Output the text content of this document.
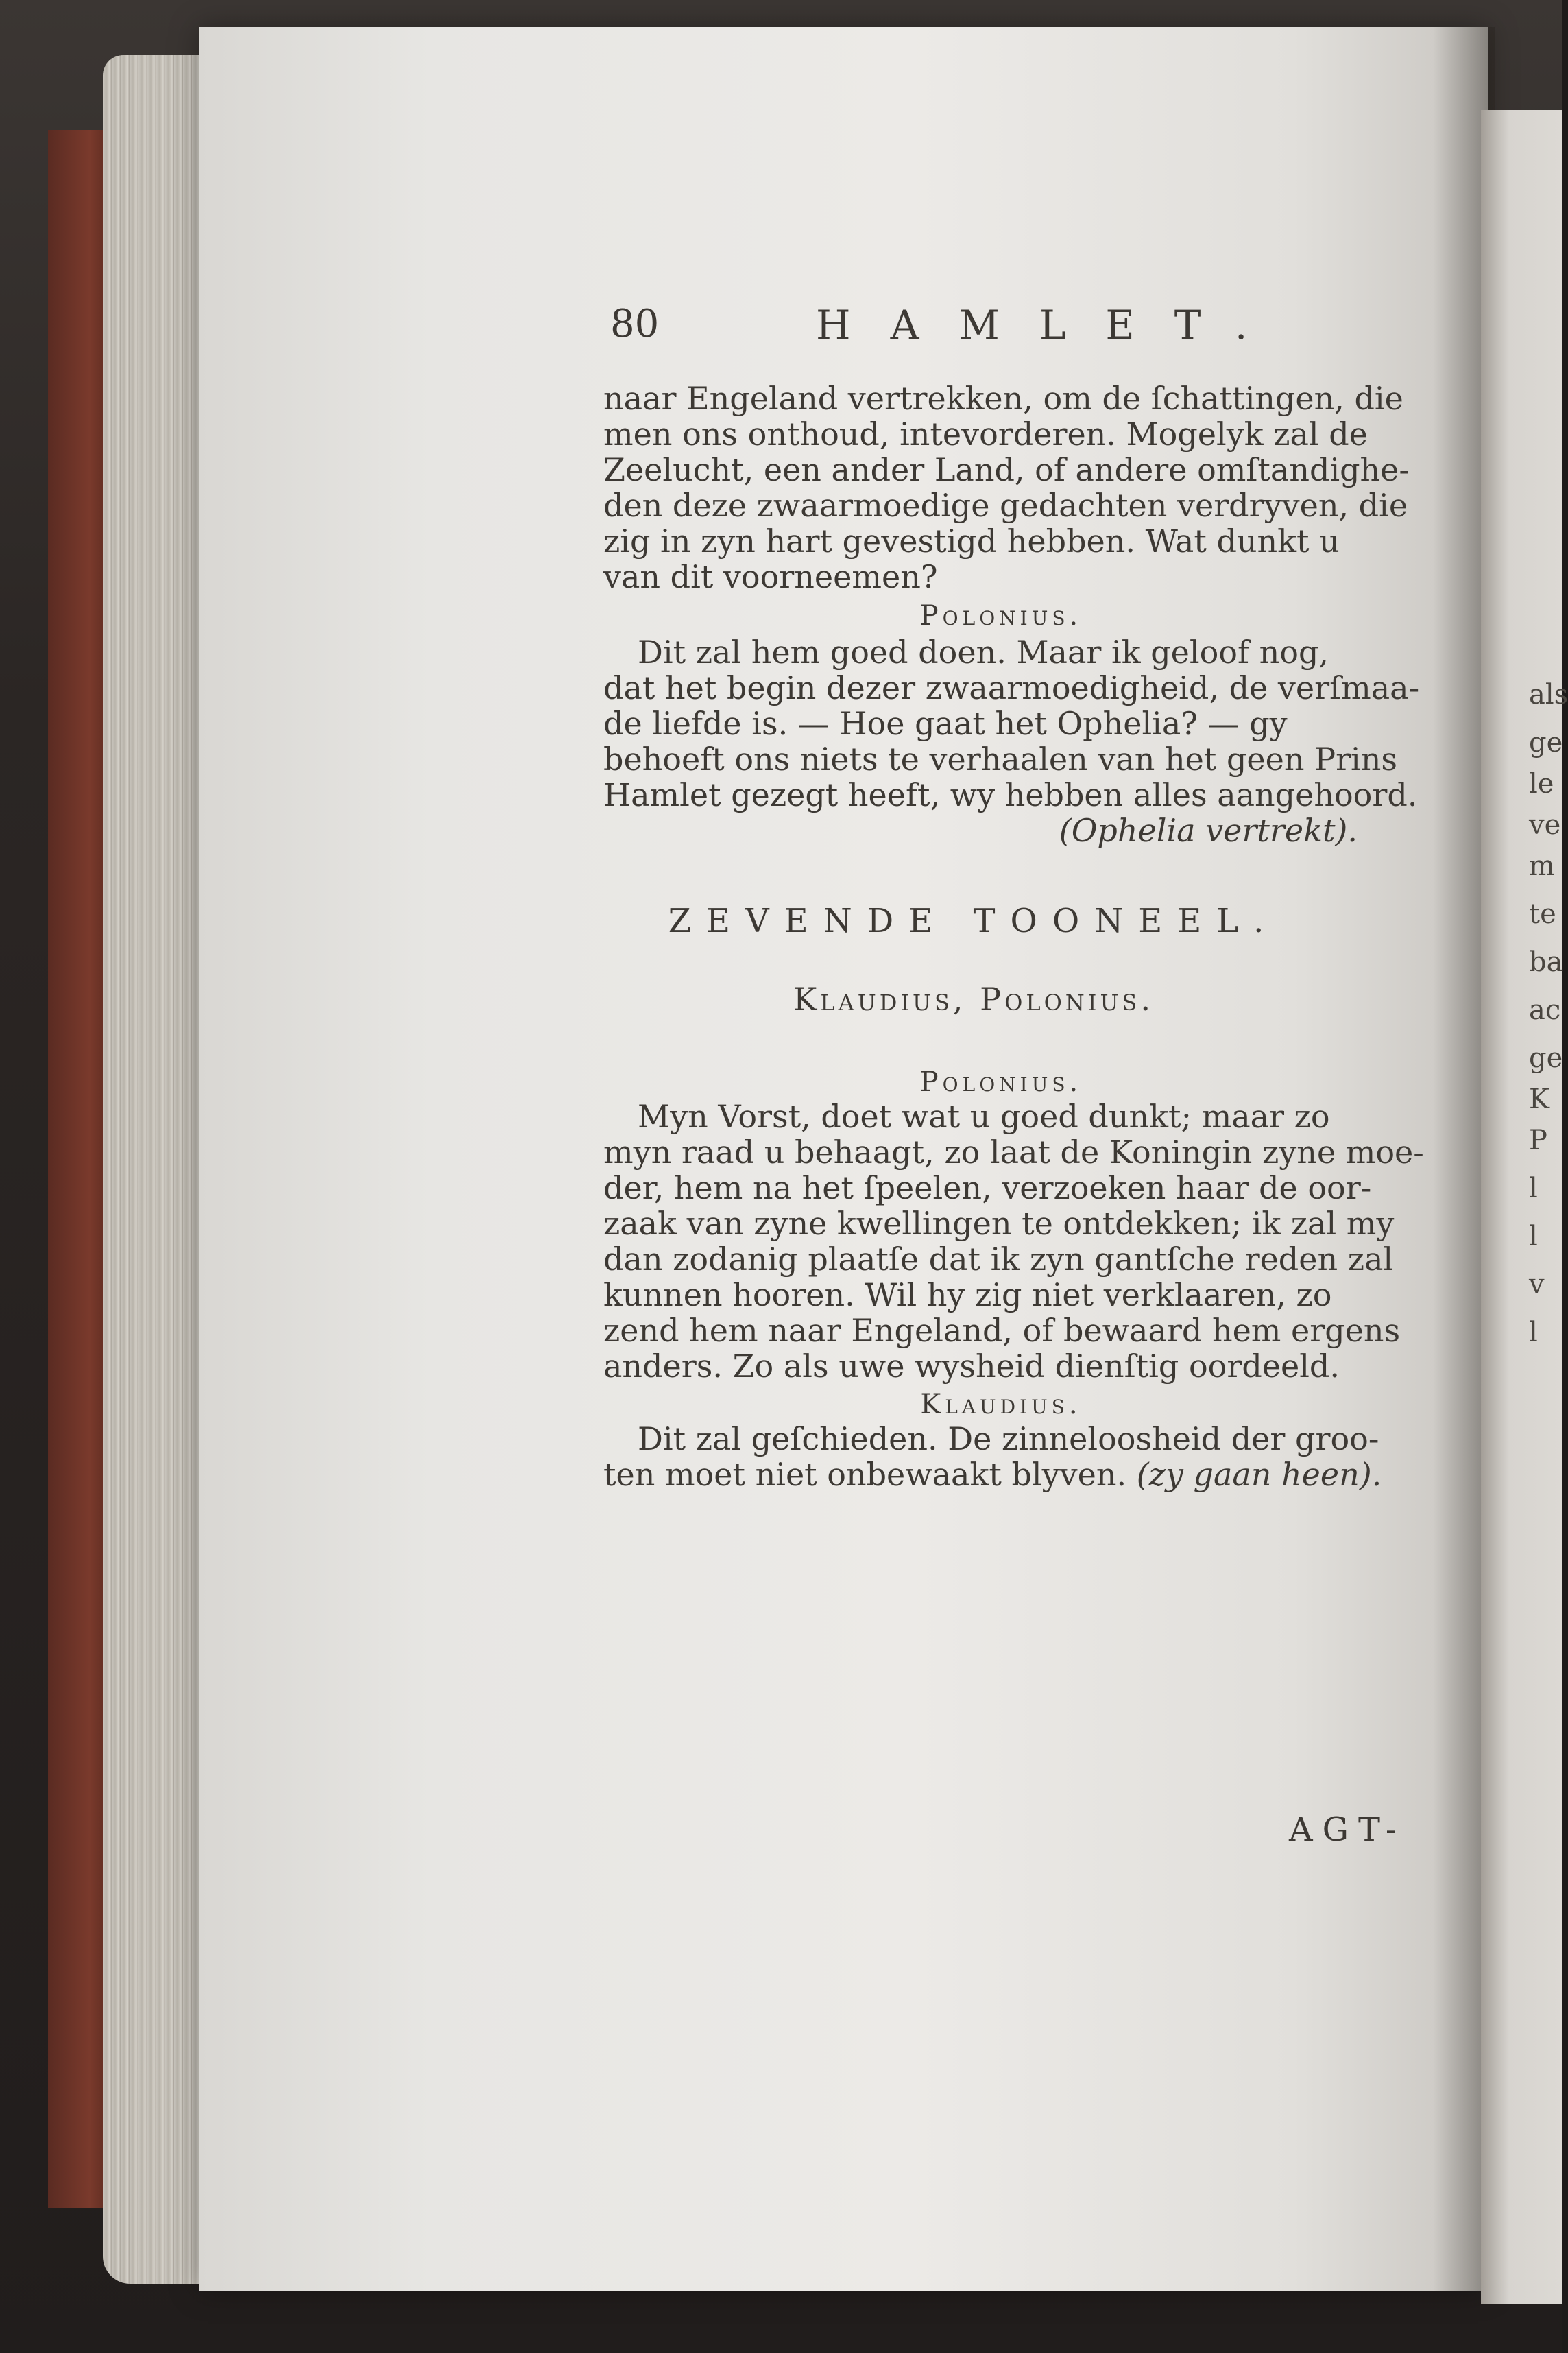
als
ge
le
ve
m
te
ba
ac
ge
K
P
l
l
v
l
80	HAMLET.
naar Engeland vertrekken, om de ſchattingen, die
men ons onthoud, intevorderen. Mogelyk zal de
Zeelucht, een ander Land, of andere omſtandighe-
den deze zwaarmoedige gedachten verdryven, die
zig in zyn hart gevestigd hebben. Wat dunkt u
van dit voorneemen?
Polonius.
Dit zal hem goed doen. Maar ik geloof nog,
dat het begin dezer zwaarmoedigheid, de verſmaa-
de liefde is. — Hoe gaat het Ophelia? — gy
behoeft ons niets te verhaalen van het geen Prins
Hamlet gezegt heeft, wy hebben alles aangehoord.
(Ophelia vertrekt).
ZEVENDE TOONEEL.
Klaudius, Polonius.
Polonius.
Myn Vorst, doet wat u goed dunkt; maar zo
myn raad u behaagt, zo laat de Koningin zyne moe-
der, hem na het ſpeelen, verzoeken haar de oor-
zaak van zyne kwellingen te ontdekken; ik zal my
dan zodanig plaatſe dat ik zyn gantſche reden zal
kunnen hooren. Wil hy zig niet verklaaren, zo
zend hem naar Engeland, of bewaard hem ergens
anders. Zo als uwe wysheid dienſtig oordeeld.
Klaudius.
Dit zal geſchieden. De zinneloosheid der groo-
ten moet niet onbewaakt blyven. (zy gaan heen).
AGT-
